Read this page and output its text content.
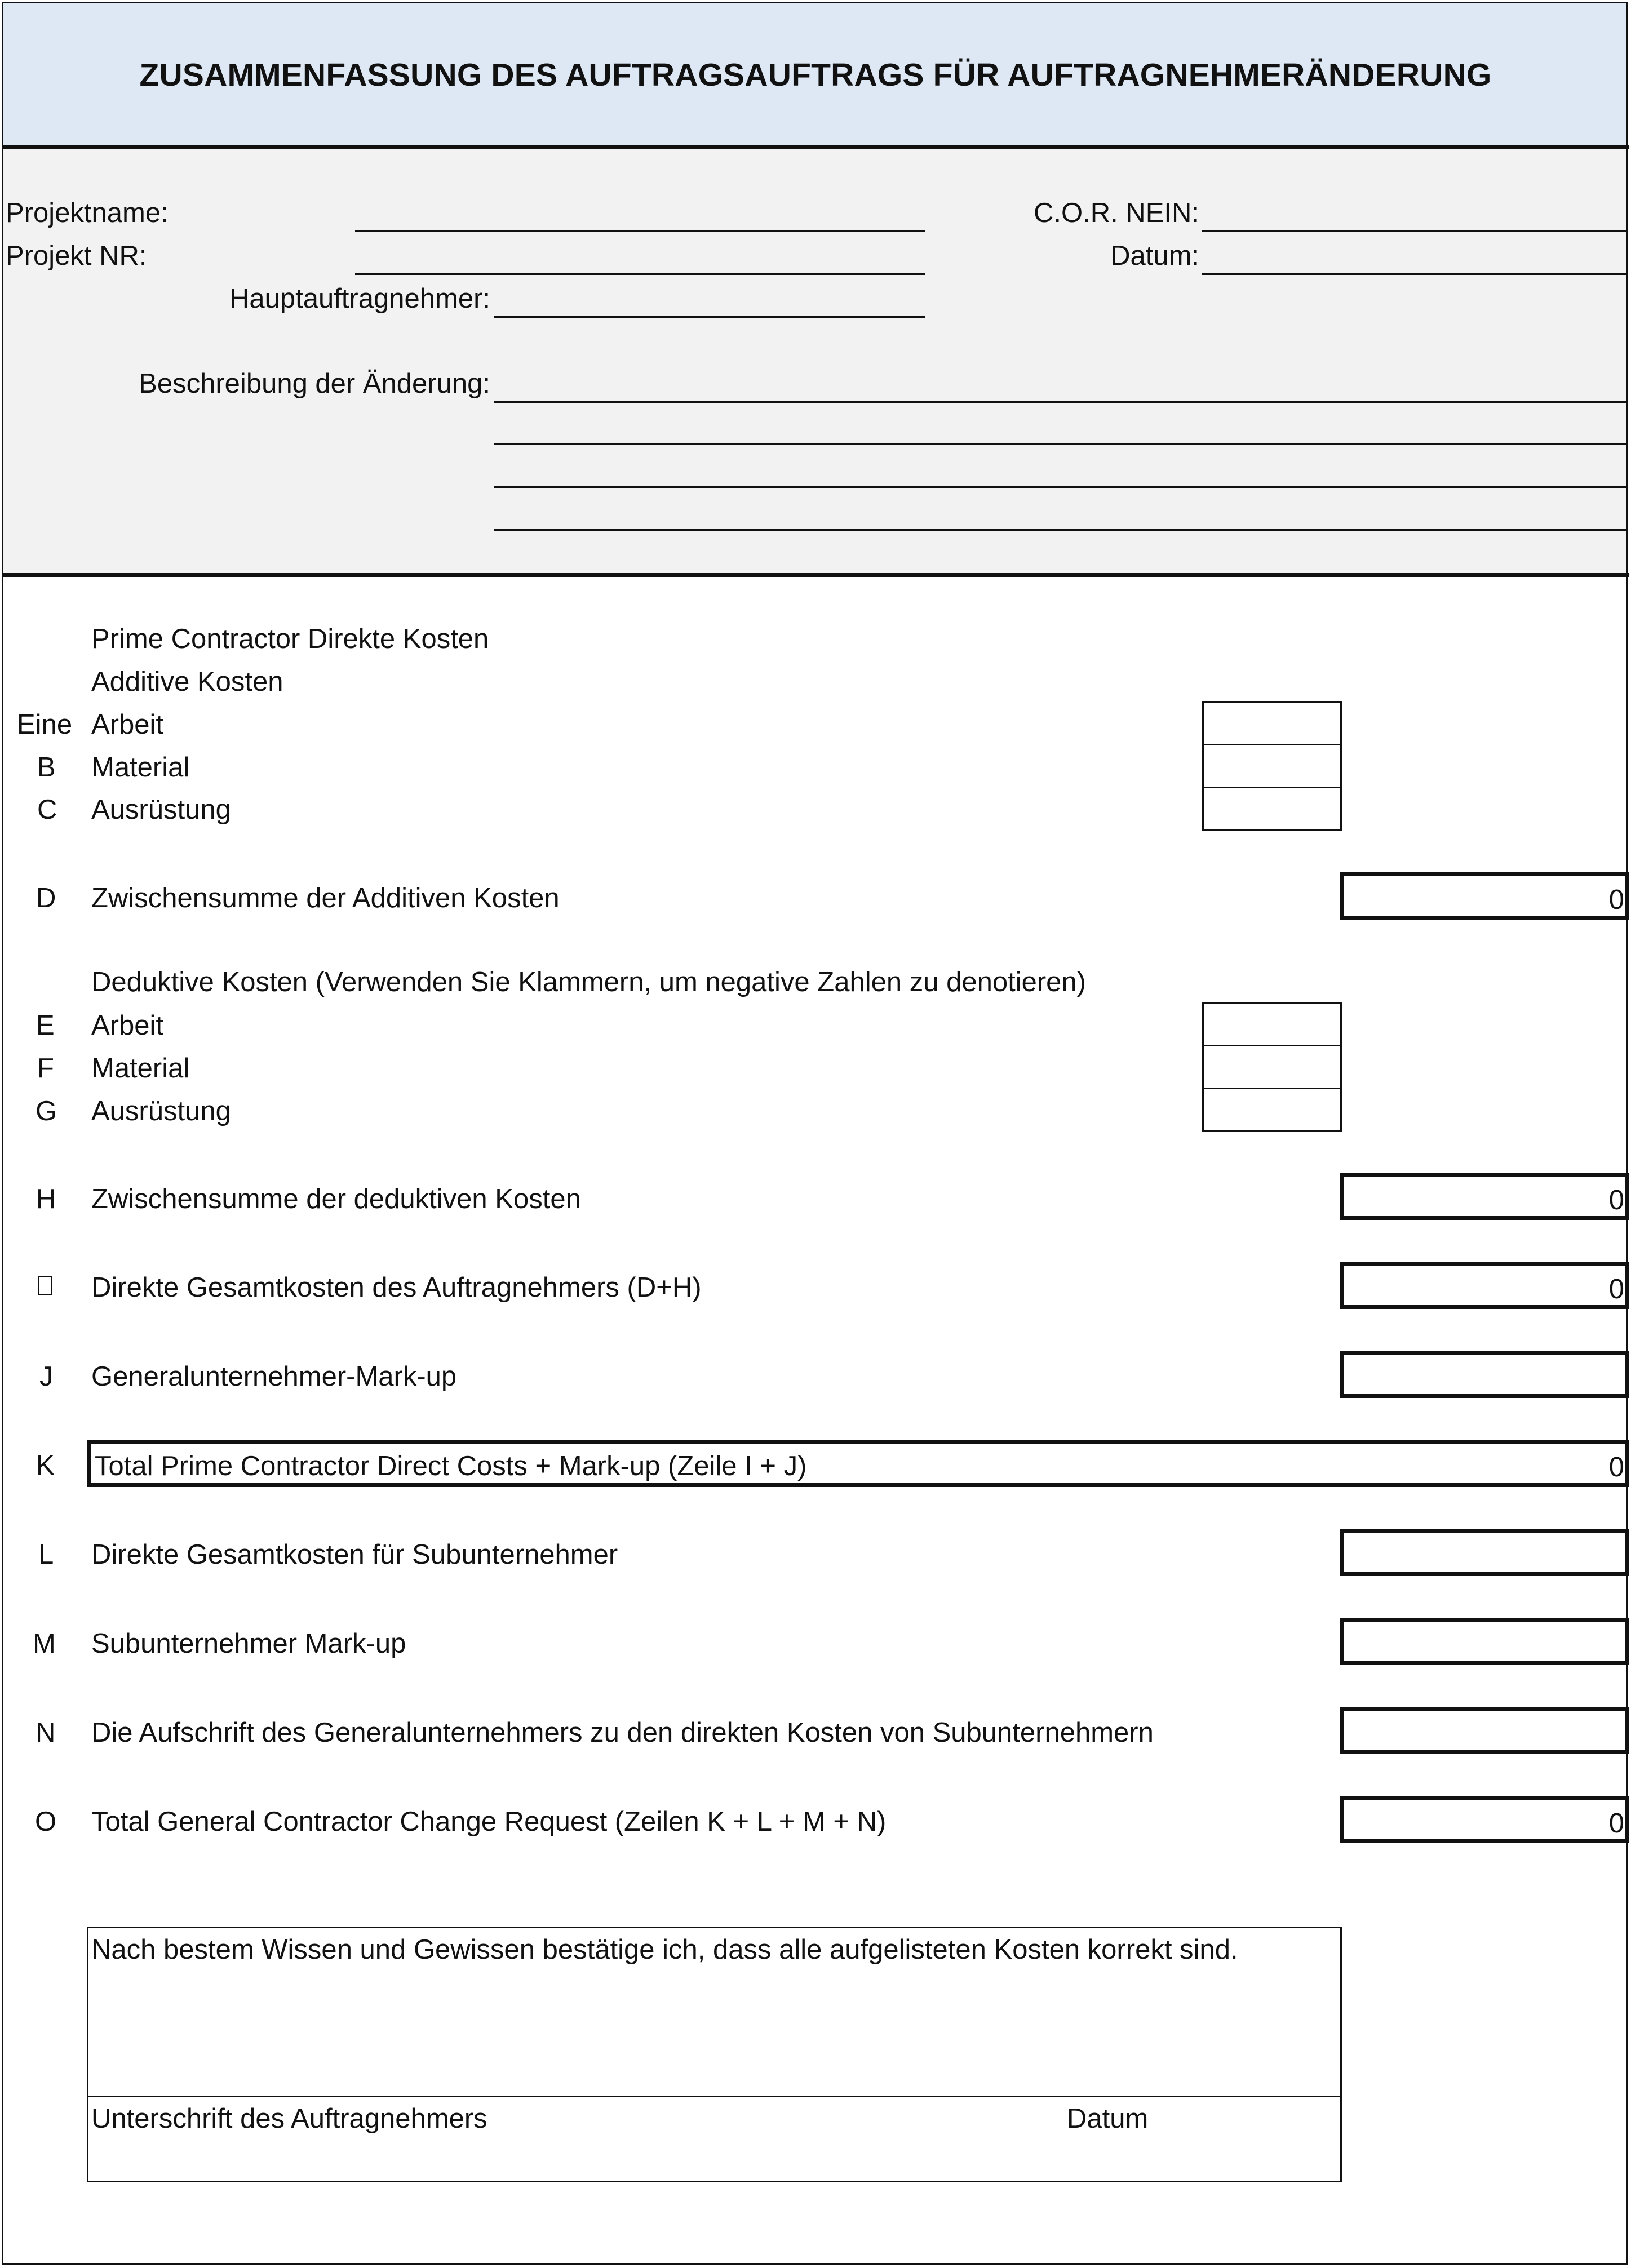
ZUSAMMENFASSUNG DES AUFTRAGSAUFTRAGS FÜR AUFTRAGNEHMERÄNDERUNG
Projektname:
Projekt NR:
Hauptauftragnehmer:
C.O.R. NEIN:
Datum:
Beschreibung der Änderung:
Prime Contractor Direkte Kosten
Additive Kosten
Eine Arbeit
B Material
C Ausrüstung
D Zwischensumme der Additiven Kosten	0
Deduktive Kosten (Verwenden Sie Klammern, um negative Zahlen zu denotieren)
E Arbeit
F Material
G Ausrüstung
H Zwischensumme der deduktiven Kosten	0
Direkte Gesamtkosten des Auftragnehmers (D+H)	0
J Generalunternehmer-Mark-up
K Total Prime Contractor Direct Costs + Mark-up (Zeile I + J)	0
L Direkte Gesamtkosten für Subunternehmer
M Subunternehmer Mark-up
N Die Aufschrift des Generalunternehmers zu den direkten Kosten von Subunternehmern
O Total General Contractor Change Request (Zeilen K + L + M + N)	0
Nach bestem Wissen und Gewissen bestätige ich, dass alle aufgelisteten Kosten korrekt sind.
Unterschrift des Auftragnehmers	Datum
